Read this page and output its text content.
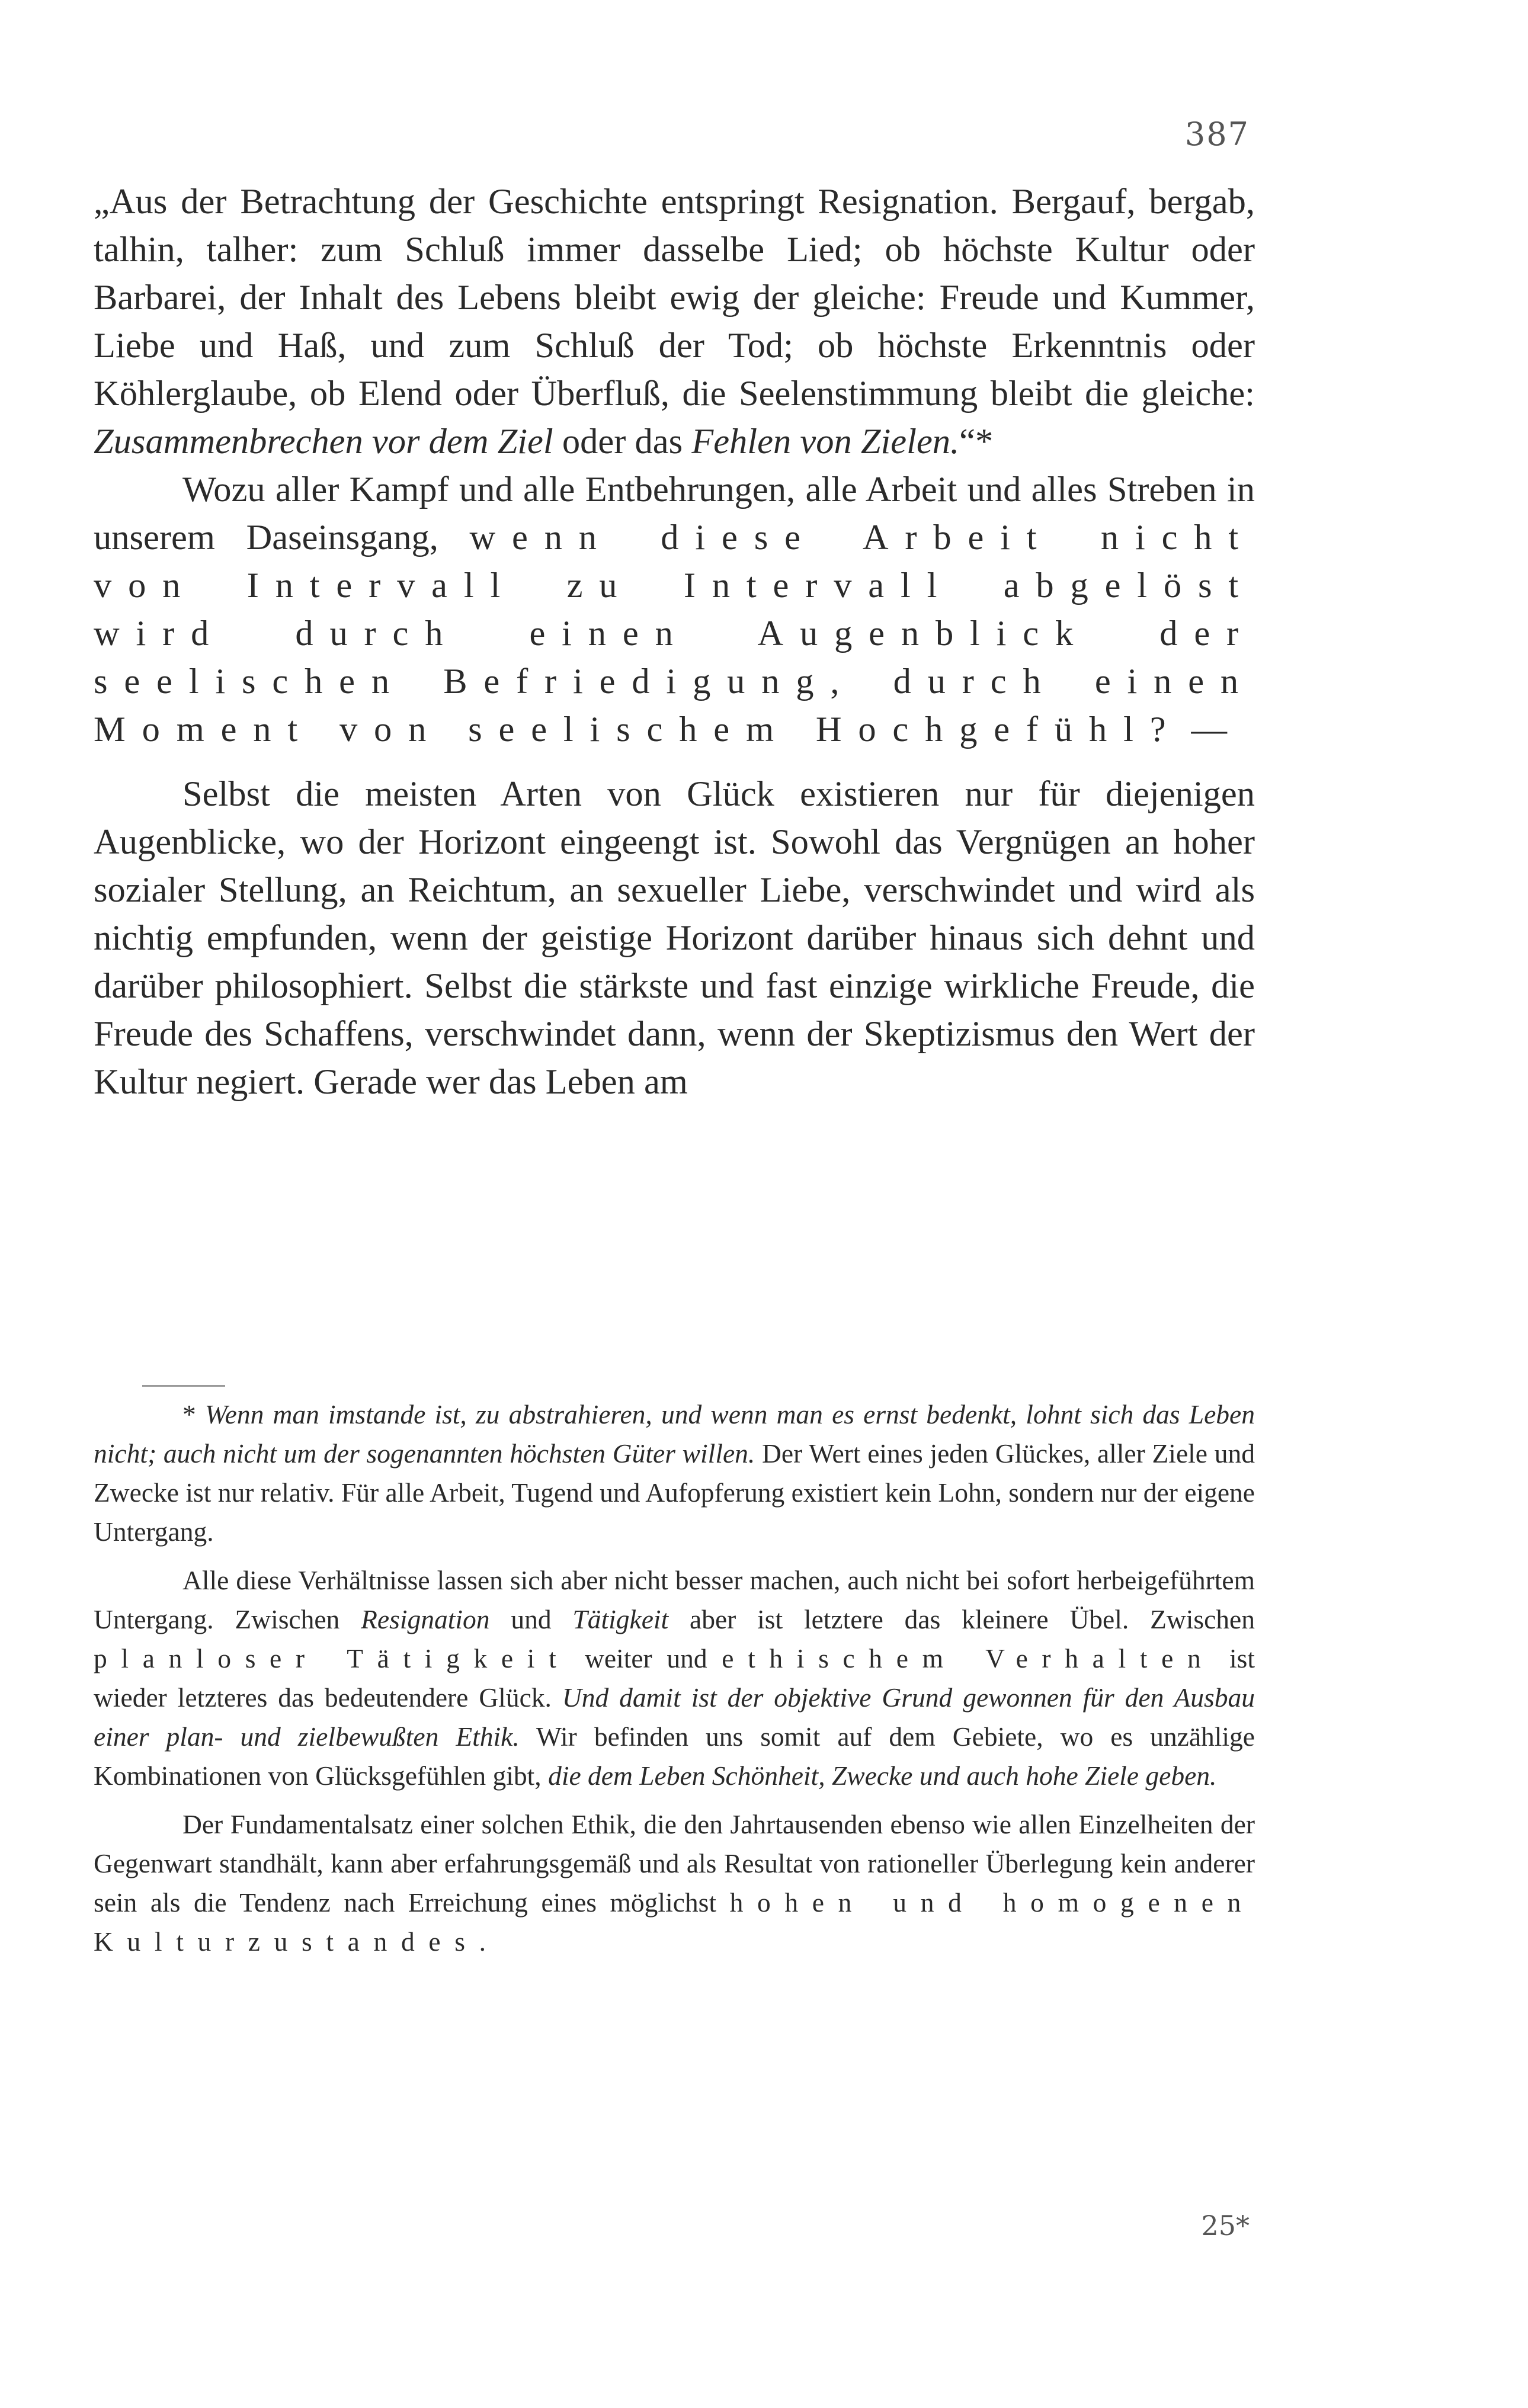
387

„Aus der Betrachtung der Geschichte entspringt Resignation. Bergauf, bergab, talhin, talher: zum Schluß immer dasselbe Lied; ob höchste Kultur oder Barbarei, der Inhalt des Lebens bleibt ewig der gleiche: Freude und Kummer, Liebe und Haß, und zum Schluß der Tod; ob höchste Erkenntnis oder Köhlerglaube, ob Elend oder Überfluß, die Seelenstimmung bleibt die gleiche: Zusammenbrechen vor dem Ziel oder das Fehlen von Zielen.“*

Wozu aller Kampf und alle Entbehrungen, alle Arbeit und alles Streben in unserem Daseinsgang, wenn diese Arbeit nicht von Intervall zu Intervall abgelöst wird durch einen Augenblick der seelischen Befriedigung, durch einen Moment von seelischem Hochgefühl? —

Selbst die meisten Arten von Glück existieren nur für diejenigen Augenblicke, wo der Horizont eingeengt ist. Sowohl das Vergnügen an hoher sozialer Stellung, an Reichtum, an sexueller Liebe, verschwindet und wird als nichtig empfunden, wenn der geistige Horizont darüber hinaus sich dehnt und darüber philosophiert. Selbst die stärkste und fast einzige wirkliche Freude, die Freude des Schaffens, verschwindet dann, wenn der Skeptizismus den Wert der Kultur negiert. Gerade wer das Leben am

* Wenn man imstande ist, zu abstrahieren, und wenn man es ernst bedenkt, lohnt sich das Leben nicht; auch nicht um der sogenannten höchsten Güter willen. Der Wert eines jeden Glückes, aller Ziele und Zwecke ist nur relativ. Für alle Arbeit, Tugend und Aufopferung existiert kein Lohn, sondern nur der eigene Untergang.

Alle diese Verhältnisse lassen sich aber nicht besser machen, auch nicht bei sofort herbeigeführtem Untergang. Zwischen Resignation und Tätigkeit aber ist letztere das kleinere Übel. Zwischen planloser Tätigkeit weiter und ethischem Verhalten ist wieder letzteres das bedeutendere Glück. Und damit ist der objektive Grund gewonnen für den Ausbau einer plan- und zielbewußten Ethik. Wir befinden uns somit auf dem Gebiete, wo es unzählige Kombinationen von Glücksgefühlen gibt, die dem Leben Schönheit, Zwecke und auch hohe Ziele geben.

Der Fundamentalsatz einer solchen Ethik, die den Jahrtausenden ebenso wie allen Einzelheiten der Gegenwart standhält, kann aber erfahrungsgemäß und als Resultat von rationeller Überlegung kein anderer sein als die Tendenz nach Erreichung eines möglichst hohen und homogenen Kulturzustandes.

25*
